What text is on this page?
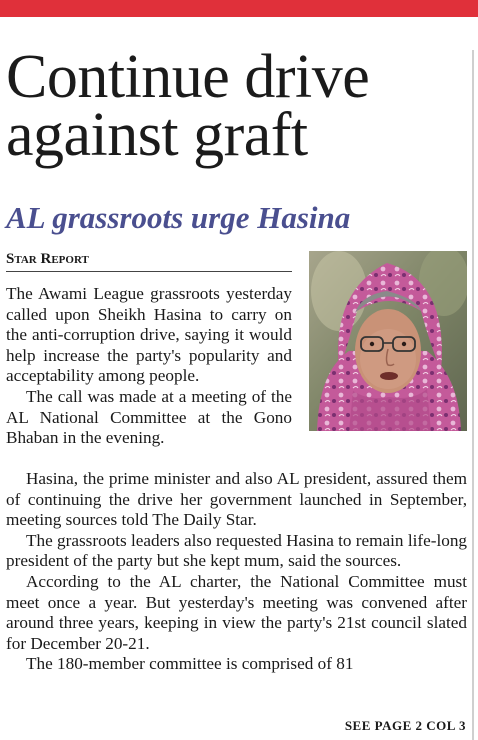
Continue drive
against graft
AL grassroots urge Hasina
Star Report

The Awami League grassroots yesterday called upon Sheikh Hasina to carry on the anti-corruption drive, saying it would help increase the party's popularity and acceptability among people.

The call was made at a meeting of the AL National Committee at the Gono Bhaban in the evening.

Hasina, the prime minister and also AL president, assured them of continuing the drive her government launched in September, meeting sources told The Daily Star.

The grassroots leaders also requested Hasina to remain life-long president of the party but she kept mum, said the sources.

According to the AL charter, the National Committee must meet once a year. But yesterday's meeting was convened after around three years, keeping in view the party's 21st council slated for December 20-21.

The 180-member committee is comprised of 81

SEE PAGE 2 COL 3
